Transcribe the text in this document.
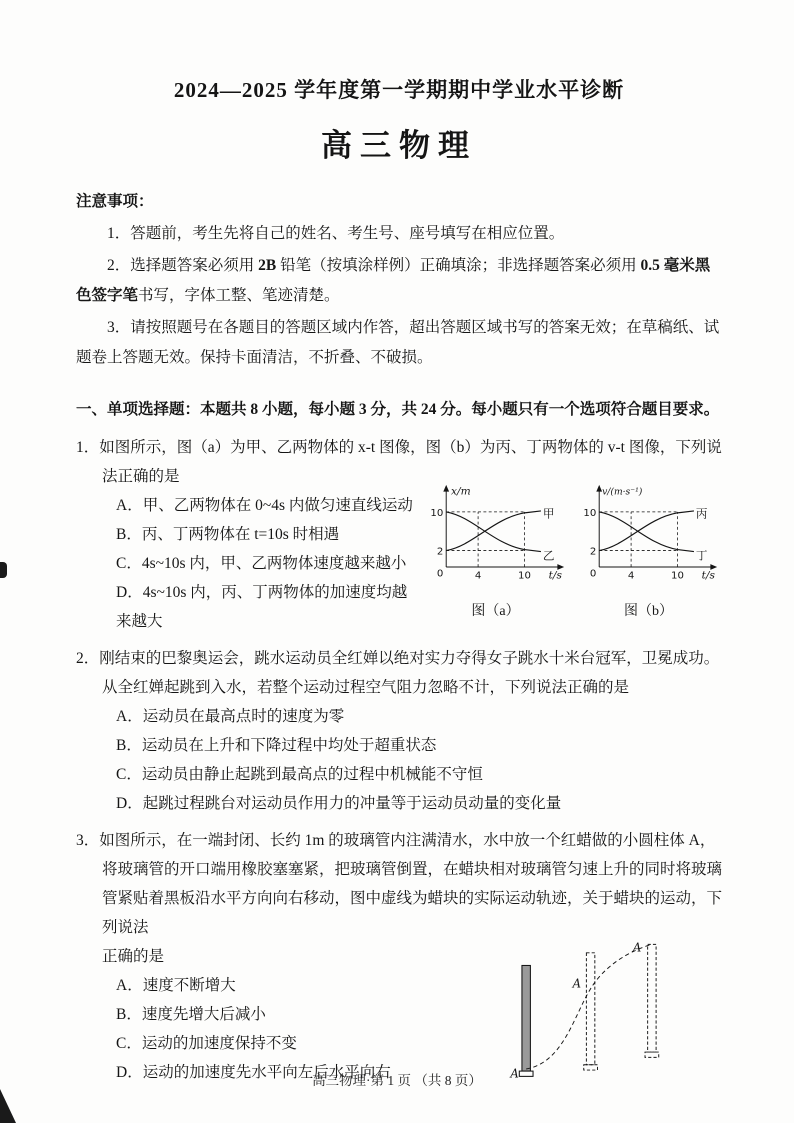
2024—2025 学年度第一学期期中学业水平诊断
高三物理

注意事项：

1．答题前，考生先将自己的姓名、考生号、座号填写在相应位置。

2．选择题答案必须用 2B 铅笔（按填涂样例）正确填涂；非选择题答案必须用 0.5 毫米黑色签字笔书写，字体工整、笔迹清楚。

3．请按照题号在各题目的答题区域内作答，超出答题区域书写的答案无效；在草稿纸、试题卷上答题无效。保持卡面清洁，不折叠、不破损。

一、单项选择题：本题共 8 小题，每小题 3 分，共 24 分。每小题只有一个选项符合题目要求。

1．如图所示，图（a）为甲、乙两物体的 x-t 图像，图（b）为丙、丁两物体的 v-t 图像，下列说法正确的是

A．甲、乙两物体在 0~4s 内做匀速直线运动

B．丙、丁两物体在 t=10s 时相遇

C．4s~10s 内，甲、乙两物体速度越来越小

D．4s~10s 内，丙、丁两物体的加速度均越来越大

x/m
10
2
0	4	10 t/s
甲
乙
图（a）
v/(m·s⁻¹)
10
2
0	4	10 t/s
丙
丁
图（b）

2．刚结束的巴黎奥运会，跳水运动员全红婵以绝对实力夺得女子跳水十米台冠军，卫冕成功。从全红婵起跳到入水，若整个运动过程空气阻力忽略不计，下列说法正确的是

A．运动员在最高点时的速度为零

B．运动员在上升和下降过程中均处于超重状态

C．运动员由静止起跳到最高点的过程中机械能不守恒

D．起跳过程跳台对运动员作用力的冲量等于运动员动量的变化量

3．如图所示，在一端封闭、长约 1m 的玻璃管内注满清水，水中放一个红蜡做的小圆柱体 A，将玻璃管的开口端用橡胶塞塞紧，把玻璃管倒置，在蜡块相对玻璃管匀速上升的同时将玻璃管紧贴着黑板沿水平方向向右移动，图中虚线为蜡块的实际运动轨迹，关于蜡块的运动，下列说法

正确的是

A．速度不断增大

B．速度先增大后减小

C．运动的加速度保持不变

D．运动的加速度先水平向左后水平向右	A
A
A

高三物理·第 1 页 （共 8 页）
